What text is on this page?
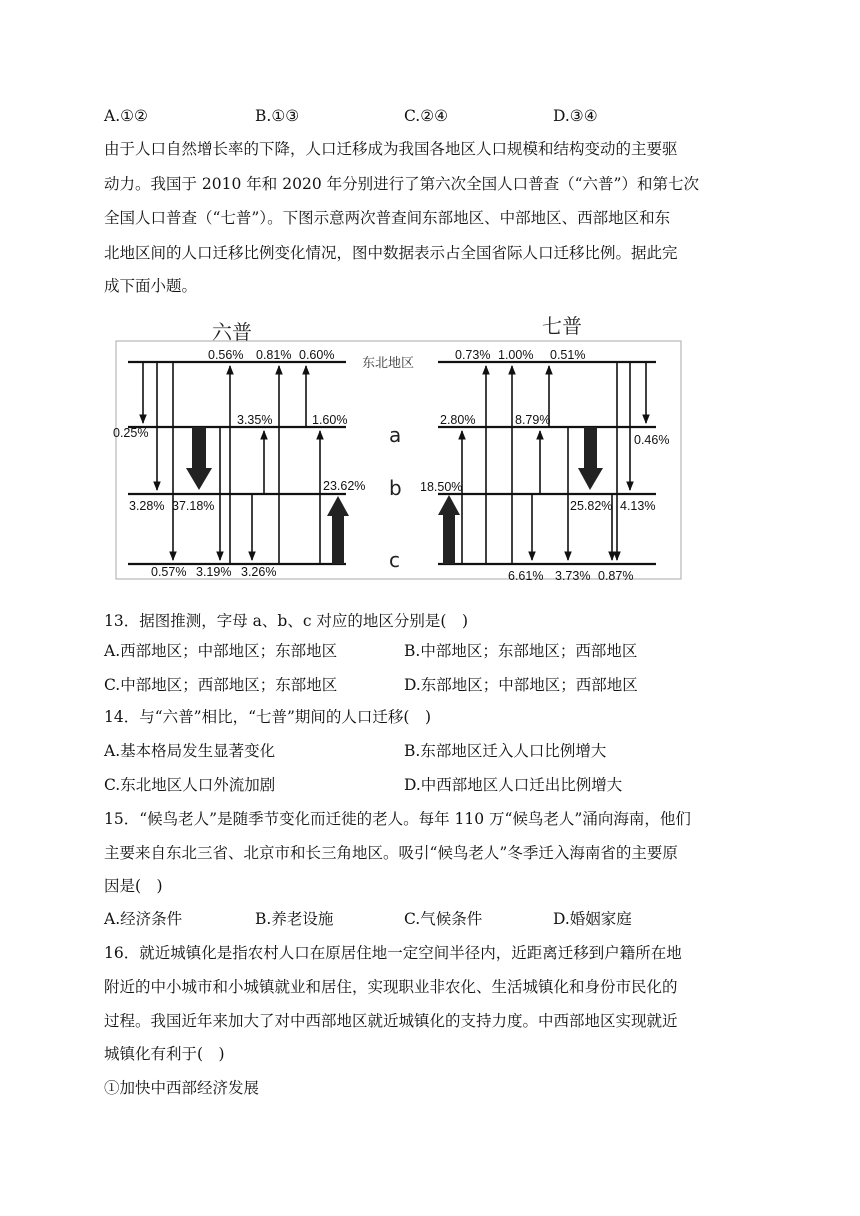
A.①②	B.①③	C.②④	D.③④
由于人口自然增长率的下降，人口迁移成为我国各地区人口规模和结构变动的主要驱
动力。我国于 2010 年和 2020 年分别进行了第六次全国人口普查（“六普”）和第七次
全国人口普查（“七普”）。下图示意两次普查间东部地区、中部地区、西部地区和东
北地区间的人口迁移比例变化情况，图中数据表示占全国省际人口迁移比例。据此完
成下面小题。
六普	七普
东北地区
a
b
c
0.56% 0.81% 0.60%
3.35%	1.60%
0.25%
3.28% 37.18%
23.62%
0.57% 3.19% 3.26%
0.73% 1.00% 0.51%
2.80%	8.79%
0.46%
18.50%
25.82% 4.13%
6.61% 3.73% 0.87%
13．据图推测，字母 a、b、c 对应的地区分别是(　)
A.西部地区；中部地区；东部地区	B.中部地区；东部地区；西部地区
C.中部地区；西部地区；东部地区	D.东部地区；中部地区；西部地区
14．与“六普”相比，“七普”期间的人口迁移(　)
A.基本格局发生显著变化	B.东部地区迁入人口比例增大
C.东北地区人口外流加剧	D.中西部地区人口迁出比例增大
15．“候鸟老人”是随季节变化而迁徙的老人。每年 110 万“候鸟老人”涌向海南，他们
主要来自东北三省、北京市和长三角地区。吸引“候鸟老人”冬季迁入海南省的主要原
因是(　)
A.经济条件	B.养老设施	C.气候条件	D.婚姻家庭
16．就近城镇化是指农村人口在原居住地一定空间半径内，近距离迁移到户籍所在地
附近的中小城市和小城镇就业和居住，实现职业非农化、生活城镇化和身份市民化的
过程。我国近年来加大了对中西部地区就近城镇化的支持力度。中西部地区实现就近
城镇化有利于(　)
①加快中西部经济发展
